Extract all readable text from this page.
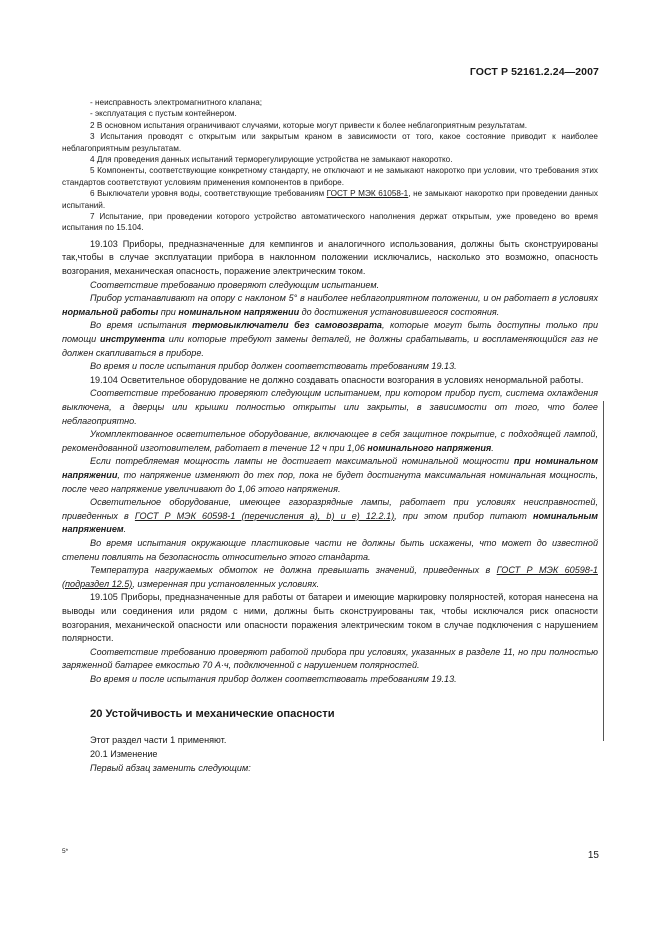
ГОСТ Р 52161.2.24—2007

- неисправность электромагнитного клапана;

- эксплуатация с пустым контейнером.

2 В основном испытания ограничивают случаями, которые могут привести к более неблагоприятным результатам.

3 Испытания проводят с открытым или закрытым краном в зависимости от того, какое состояние приводит к наиболее неблагоприятным результатам.

4 Для проведения данных испытаний терморегулирующие устройства не замыкают накоротко.

5 Компоненты, соответствующие конкретному стандарту, не отключают и не замыкают накоротко при условии, что требования этих стандартов соответствуют условиям применения компонентов в приборе.

6 Выключатели уровня воды, соответствующие требованиям ГОСТ Р МЭК 61058-1, не замыкают накоротко при проведении данных испытаний.

7 Испытание, при проведении которого устройство автоматического наполнения держат открытым, уже проведено во время испытания по 15.104.

19.103 Приборы, предназначенные для кемпингов и аналогичного использования, должны быть сконструированы так,чтобы в случае эксплуатации прибора в наклонном положении исключались, насколько это возможно, опасность возгорания, механическая опасность, поражение электрическим током.

Соответствие требованию проверяют следующим испытанием.

Прибор устанавливают на опору с наклоном 5° в наиболее неблагоприятном положении, и он работает в условиях нормальной работы при номинальном напряжении до достижения установившегося состояния.

Во время испытания термовыключатели без самовозврата, которые могут быть доступны только при помощи инструмента или которые требуют замены деталей, не должны срабатывать, и воспламеняющийся газ не должен скапливаться в приборе.

Во время и после испытания прибор должен соответствовать требованиям 19.13.

19.104 Осветительное оборудование не должно создавать опасности возгорания в условиях ненормальной работы.

Соответствие требованию проверяют следующим испытанием, при котором прибор пуст, система охлаждения выключена, а дверцы или крышки полностью открыты или закрыты, в зависимости от того, что более неблагоприятно.

Укомплектованное осветительное оборудование, включающее в себя защитное покрытие, с подходящей лампой, рекомендованной изготовителем, работает в течение 12 ч при 1,06 номинального напряжения.

Если потребляемая мощность лампы не достигает максимальной номинальной мощности при номинальном напряжении, то напряжение изменяют до тех пор, пока не будет достигнута максимальная номинальная мощность, после чего напряжение увеличивают до 1,06 этого напряжения.

Осветительное оборудование, имеющее газоразрядные лампы, работает при условиях неисправностей, приведенных в ГОСТ Р МЭК 60598-1 (перечисления a), b) и e) 12.2.1), при этом прибор питают номинальным напряжением.

Во время испытания окружающие пластиковые части не должны быть искажены, что может до известной степени повлиять на безопасность относительно этого стандарта.

Температура нагружаемых обмоток не должна превышать значений, приведенных в ГОСТ Р МЭК 60598-1 (подраздел 12.5), измеренная при установленных условиях.

19.105 Приборы, предназначенные для работы от батареи и имеющие маркировку полярностей, которая нанесена на выводы или соединения или рядом с ними, должны быть сконструированы так, чтобы исключался риск опасности возгорания, механической опасности или опасности поражения электрическим током в случае подключения с нарушением полярности.

Соответствие требованию проверяют работой прибора при условиях, указанных в разделе 11, но при полностью заряженной батарее емкостью 70 А·ч, подключенной с нарушением полярностей.

Во время и после испытания прибор должен соответствовать требованиям 19.13.

20 Устойчивость и механические опасности

Этот раздел части 1 применяют.

20.1 Изменение

Первый абзац заменить следующим:

5*	15
